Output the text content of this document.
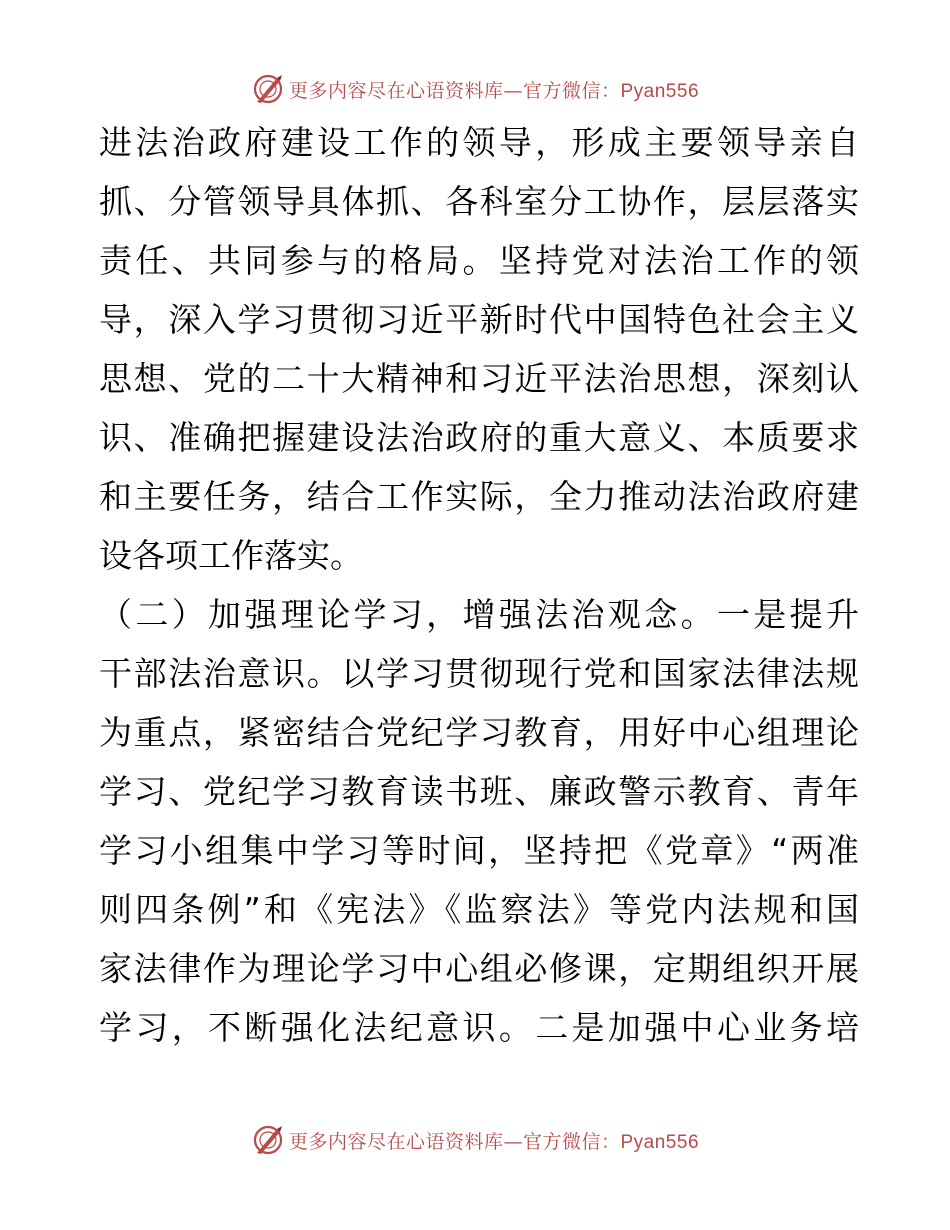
更多内容尽在心语资料库—官方微信：Pyan556
进法治政府建设工作的领导，形成主要领导亲自
抓、分管领导具体抓、各科室分工协作，层层落实
责任、共同参与的格局。坚持党对法治工作的领
导，深入学习贯彻习近平新时代中国特色社会主义
思想、党的二十大精神和习近平法治思想，深刻认
识、准确把握建设法治政府的重大意义、本质要求
和主要任务，结合工作实际，全力推动法治政府建
设各项工作落实。
（二）加强理论学习，增强法治观念。一是提升
干部法治意识。以学习贯彻现行党和国家法律法规
为重点，紧密结合党纪学习教育，用好中心组理论
学习、党纪学习教育读书班、廉政警示教育、青年
学习小组集中学习等时间，坚持把《党章》“两准
则四条例”和《宪法》《监察法》等党内法规和国
家法律作为理论学习中心组必修课，定期组织开展
学习，不断强化法纪意识。二是加强中心业务培
更多内容尽在心语资料库—官方微信：Pyan556
